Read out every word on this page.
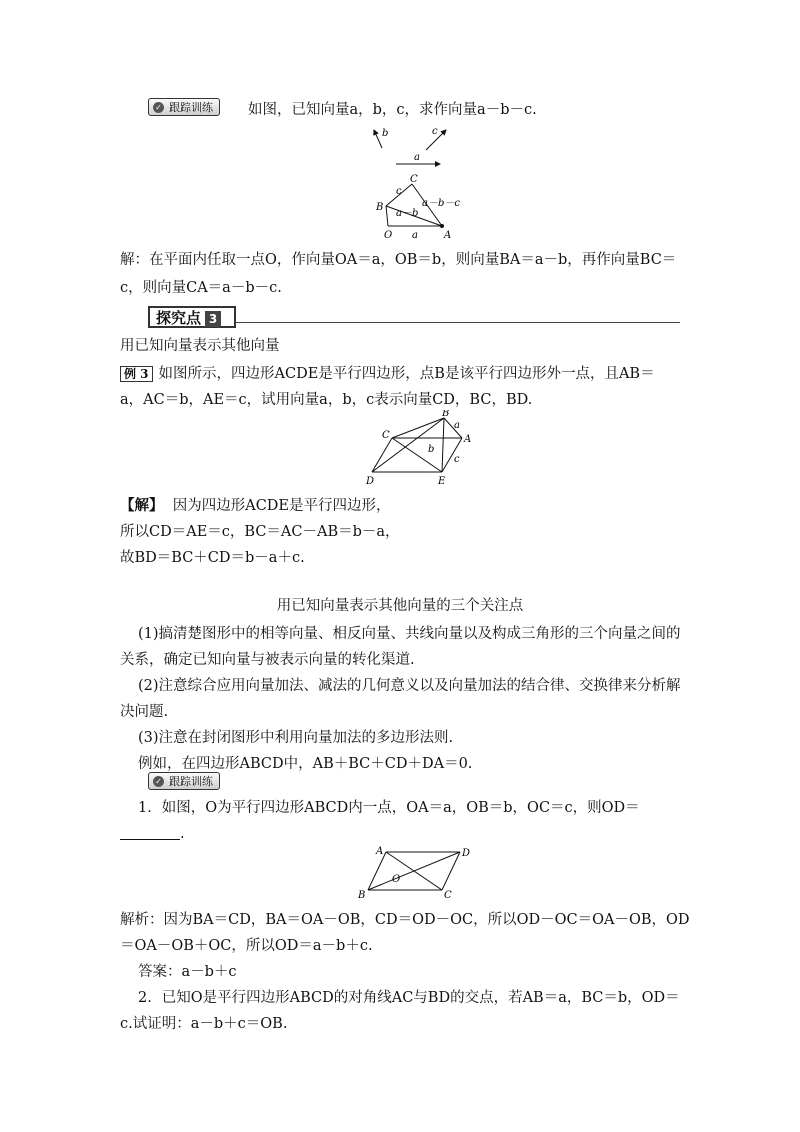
✓ 跟踪训练	如图，已知向量a，b，c，求作向量a－b－c.
b	c
a
C
B
O	A
c
a
a－b
a－b－c
解：在平面内任取一点O，作向量OA＝a，OB＝b，则向量BA＝a－b，再作向量BC＝
c，则向量CA＝a－b－c.
探究点 3
用已知向量表示其他向量
例 3 如图所示，四边形ACDE是平行四边形，点B是该平行四边形外一点，且AB＝
a，AC＝b，AE＝c，试用向量a，b，c表示向量CD，BC，BD.
B
C	A
D	E
a
b
c
【解】 因为四边形ACDE是平行四边形，
所以CD＝AE＝c，BC＝AC－AB＝b－a，
故BD＝BC＋CD＝b－a＋c.
用已知向量表示其他向量的三个关注点
(1)搞清楚图形中的相等向量、相反向量、共线向量以及构成三角形的三个向量之间的
关系，确定已知向量与被表示向量的转化渠道.
(2)注意综合应用向量加法、减法的几何意义以及向量加法的结合律、交换律来分析解
决问题.
(3)注意在封闭图形中利用向量加法的多边形法则.
例如，在四边形ABCD中，AB＋BC＋CD＋DA＝0.
✓ 跟踪训练
1．如图，O为平行四边形ABCD内一点，OA＝a，OB＝b，OC＝c，则OD＝
.
A	D
B	C
O
解析：因为BA＝CD，BA＝OA－OB，CD＝OD－OC，所以OD－OC＝OA－OB，OD
＝OA－OB＋OC，所以OD＝a－b＋c.
答案：a－b＋c
2．已知O是平行四边形ABCD的对角线AC与BD的交点，若AB＝a，BC＝b，OD＝
c.试证明：a－b＋c＝OB.
